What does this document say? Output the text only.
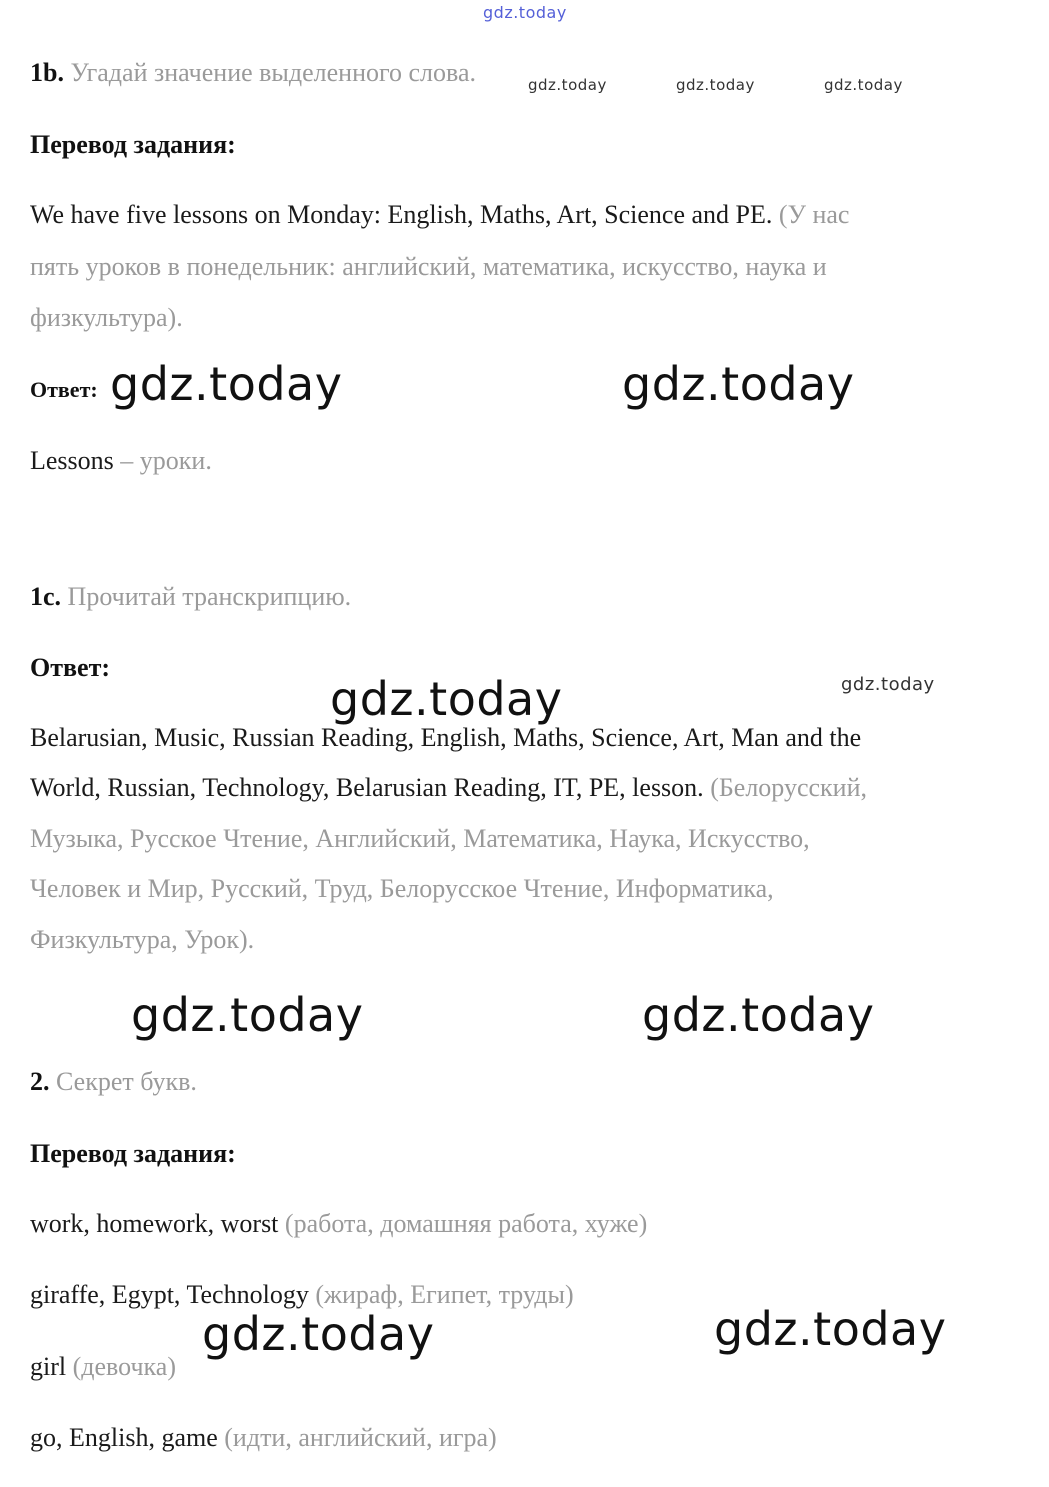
gdz.today
1b. Угадай значение выделенного слова.	gdz.today	gdz.today	gdz.today
Перевод задания:
We have five lessons on Monday: English, Maths, Art, Science and PE. (У нас
пять уроков в понедельник: английский, математика, искусство, наука и
физкультура).
Ответ: gdz.today	gdz.today
Lessons – уроки.
1c. Прочитай транскрипцию.
Ответ:
gdz.today	gdz.today
Belarusian, Music, Russian Reading, English, Maths, Science, Art, Man and the
World, Russian, Technology, Belarusian Reading, IT, PE, lesson. (Белорусский,
Музыка, Русское Чтение, Английский, Математика, Наука, Искусство,
Человек и Мир, Русский, Труд, Белорусское Чтение, Информатика,
Физкультура, Урок).
gdz.today	gdz.today
2. Секрет букв.
Перевод задания:
work, homework, worst (работа, домашняя работа, хуже)
giraffe, Egypt, Technology (жираф, Египет, труды)
gdz.today	gdz.today
girl (девочка)
go, English, game (идти, английский, игра)
